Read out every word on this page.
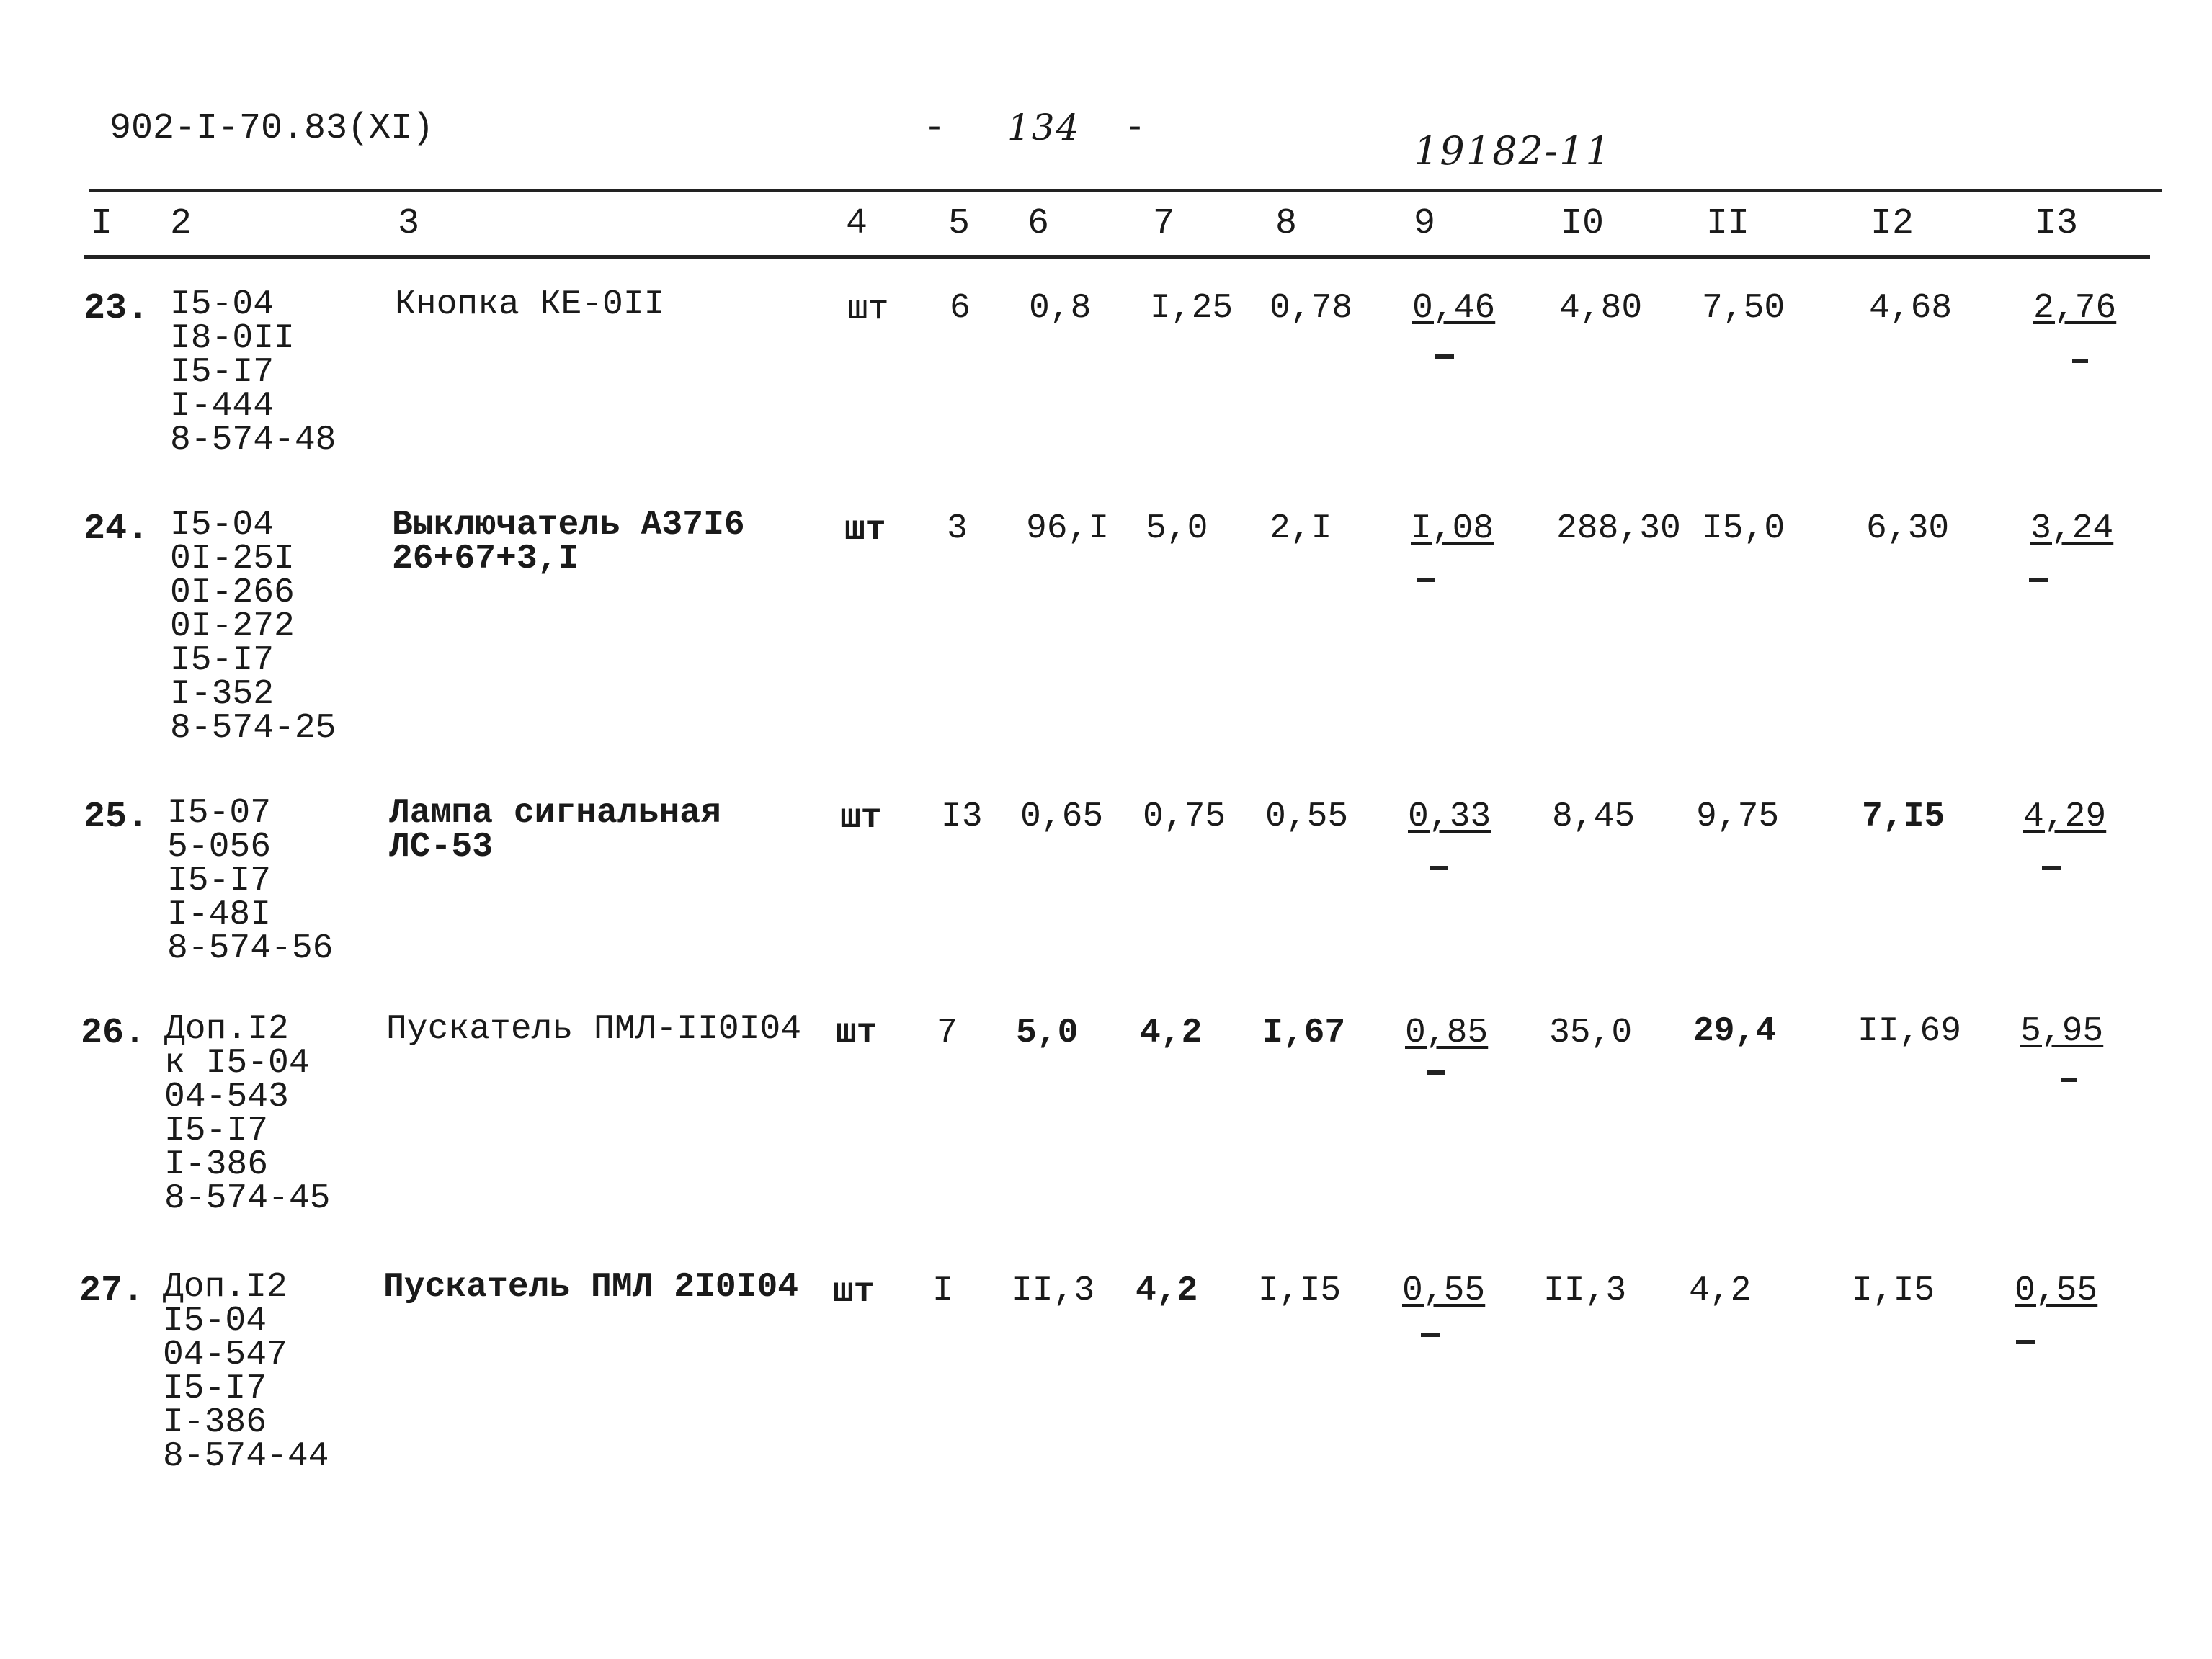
902-I-70.83(XI)	- 134 -	19182-11
I 2	3	4 5 6	7	8	9	I0	II	I2	I3
23. I5-04
I8-0II
I5-I7
I-444
8-574-48
Кнопка КЕ-0II	шт 6 0,8 I,25 0,78 0,46 4,80 7,50 4,68 2,76
24. I5-04
0I-25I
0I-266
0I-272
I5-I7
I-352
8-574-25
Выключатель А37I6
26+67+3,I
шт 3 96,I 5,0 2,I I,08 288,30 I5,0 6,30 3,24
25. I5-07
5-056
I5-I7
I-48I
8-574-56
Лампа сигнальная
ЛС-53
шт I3 0,65 0,75 0,55 0,33 8,45 9,75 7,I5 4,29
26. Доп.I2
к I5-04
04-543
I5-I7
I-386
8-574-45
Пускатель ПМЛ-II0I04 шт 7 5,0 4,2 I,67 0,85 35,0 29,4 II,69 5,95
27. Доп.I2
I5-04
04-547
I5-I7
I-386
8-574-44
Пускатель ПМЛ 2I0I04 шт I II,3 4,2 I,I5 0,55 II,3 4,2	I,I5 0,55
